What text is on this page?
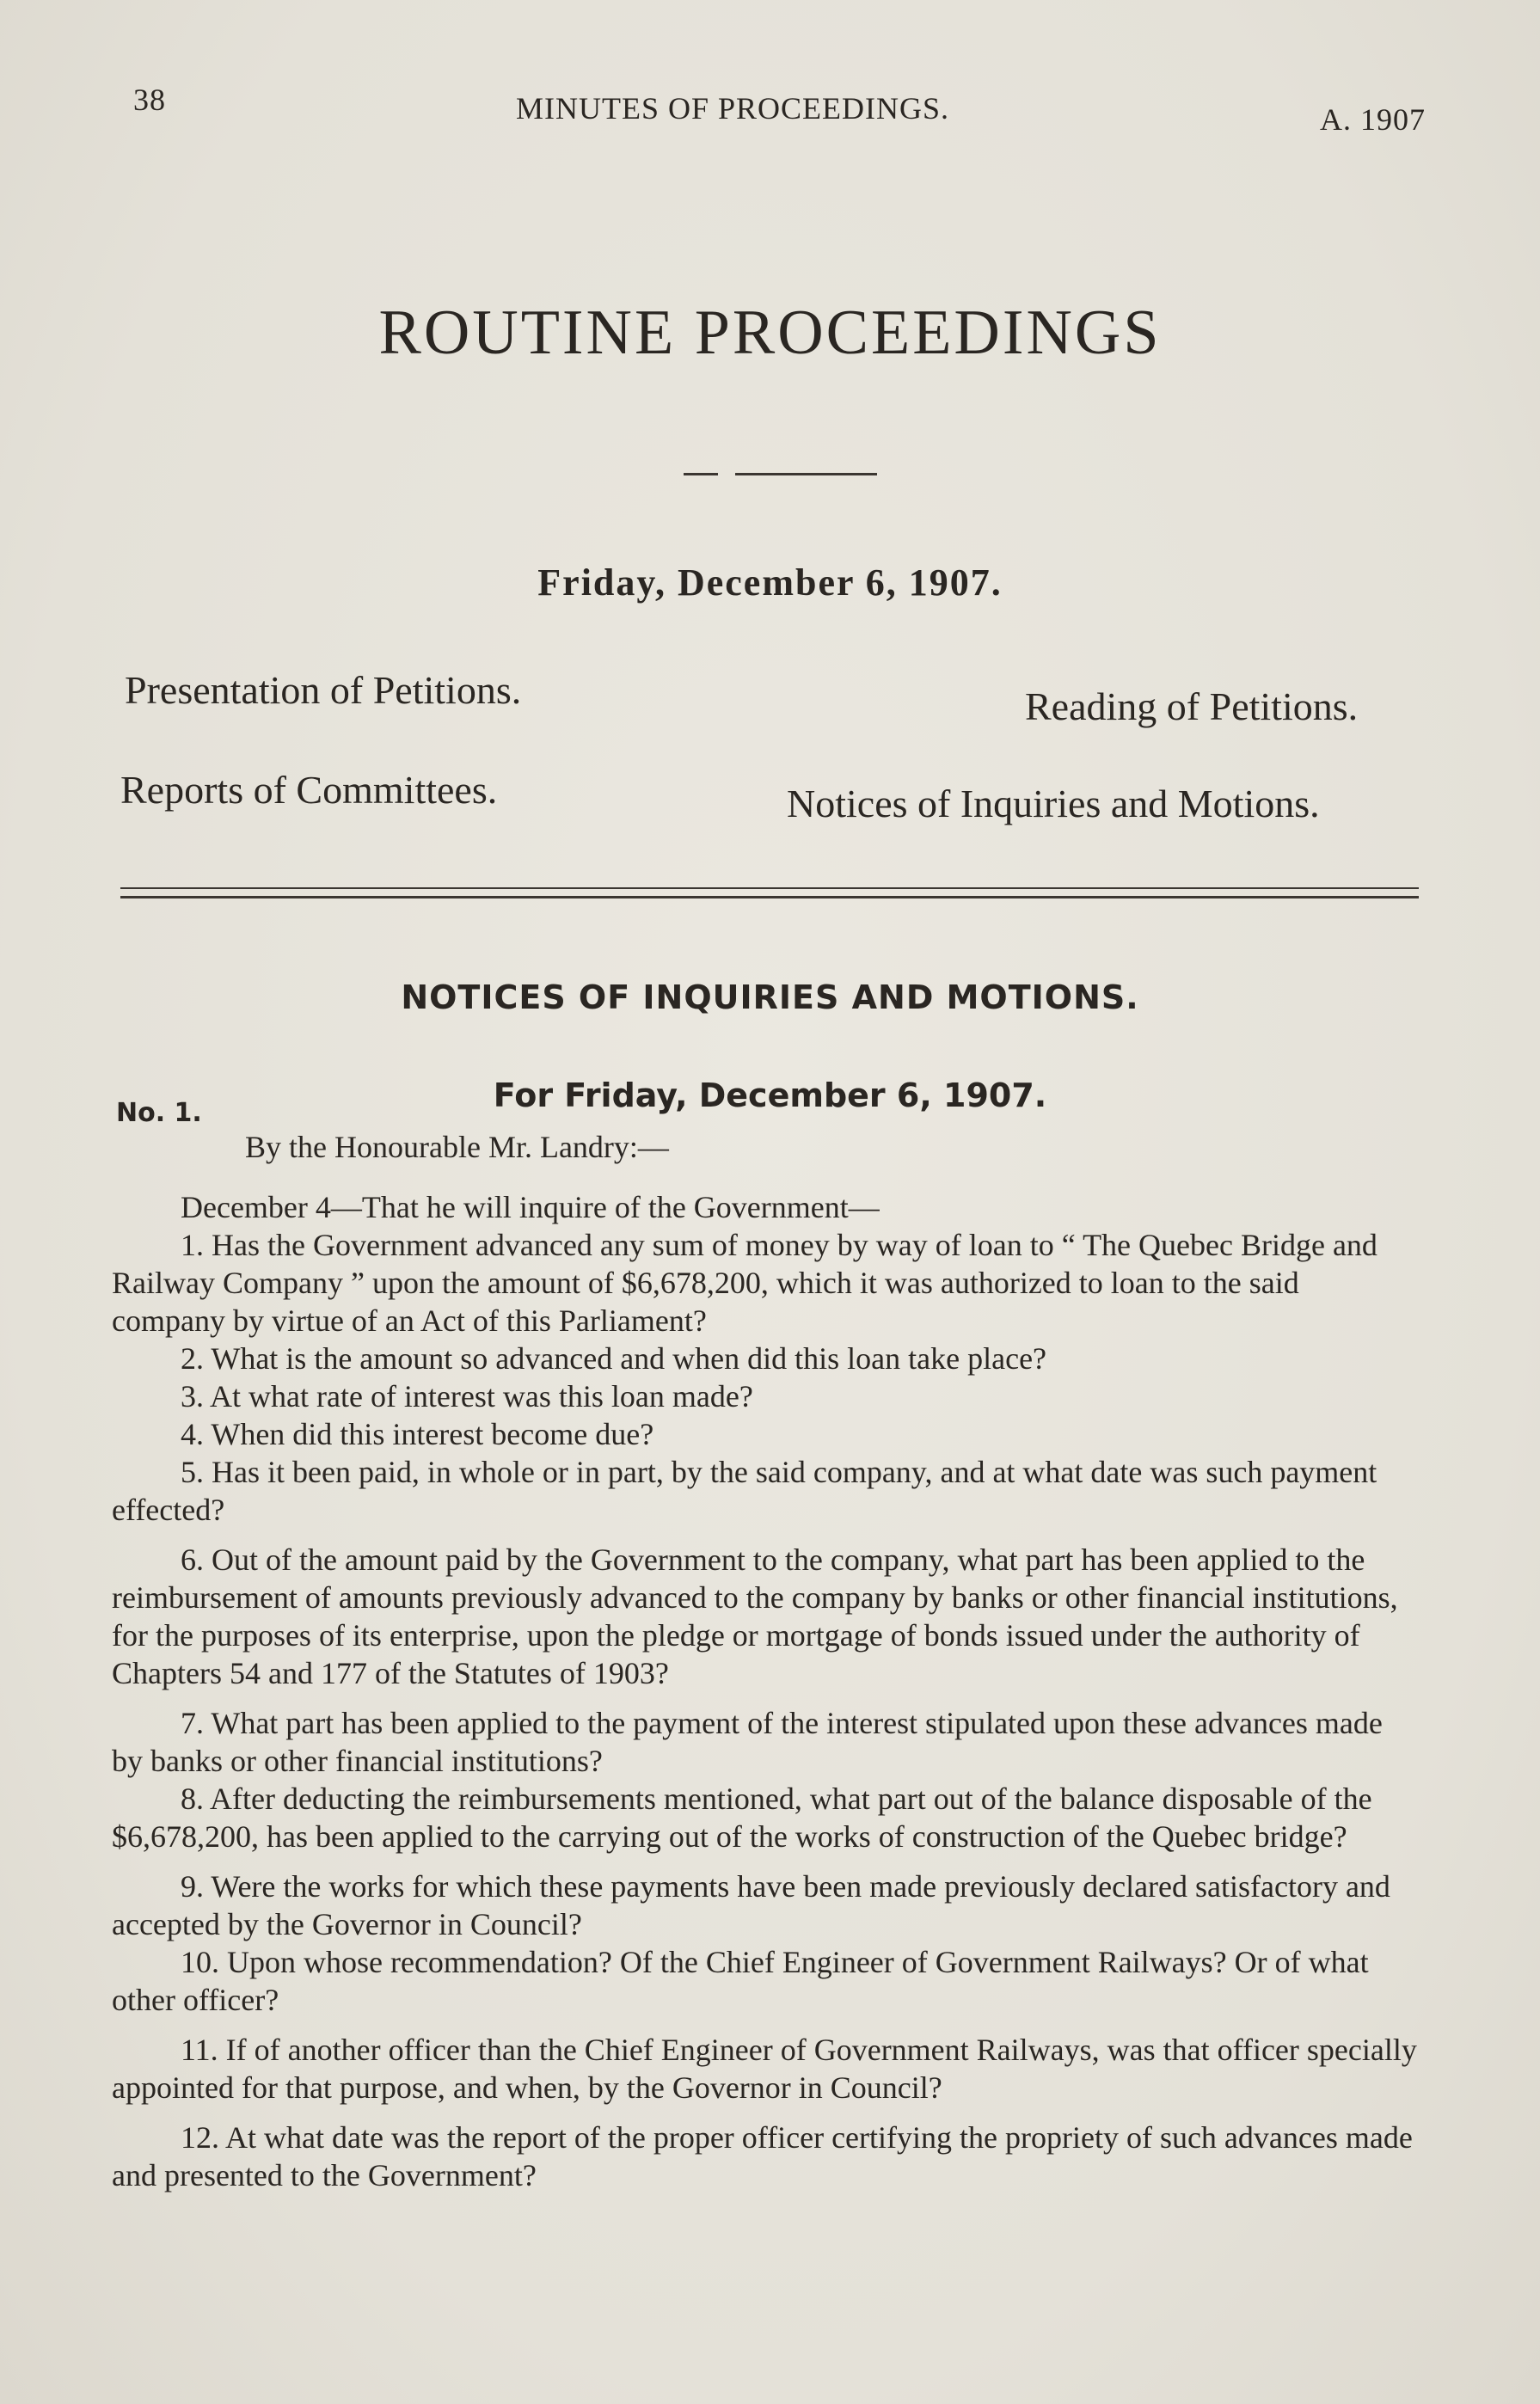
38	MINUTES OF PROCEEDINGS.	A. 1907
ROUTINE PROCEEDINGS
Friday, December 6, 1907.
Presentation of Petitions.	Reading of Petitions.
Reports of Committees.	Notices of Inquiries and Motions.
NOTICES OF INQUIRIES AND MOTIONS.
No. 1.	For Friday, December 6, 1907.

By the Honourable Mr. Landry:—

December 4—That he will inquire of the Government—

1. Has the Government advanced any sum of money by way of loan to “ The Quebec Bridge and Railway Company ” upon the amount of $6,678,200, which it was authorized to loan to the said company by virtue of an Act of this Parliament?

2. What is the amount so advanced and when did this loan take place?

3. At what rate of interest was this loan made?

4. When did this interest become due?

5. Has it been paid, in whole or in part, by the said company, and at what date was such payment effected?

6. Out of the amount paid by the Government to the company, what part has been applied to the reimbursement of amounts previously advanced to the company by banks or other financial institutions, for the purposes of its enterprise, upon the pledge or mortgage of bonds issued under the authority of Chapters 54 and 177 of the Statutes of 1903?

7. What part has been applied to the payment of the interest stipulated upon these advances made by banks or other financial institutions?

8. After deducting the reimbursements mentioned, what part out of the balance disposable of the $6,678,200, has been applied to the carrying out of the works of construction of the Quebec bridge?

9. Were the works for which these payments have been made previously declared satisfactory and accepted by the Governor in Council?

10. Upon whose recommendation? Of the Chief Engineer of Government Railways? Or of what other officer?

11. If of another officer than the Chief Engineer of Government Railways, was that officer specially appointed for that purpose, and when, by the Governor in Council?

12. At what date was the report of the proper officer certifying the propriety of such advances made and presented to the Government?
